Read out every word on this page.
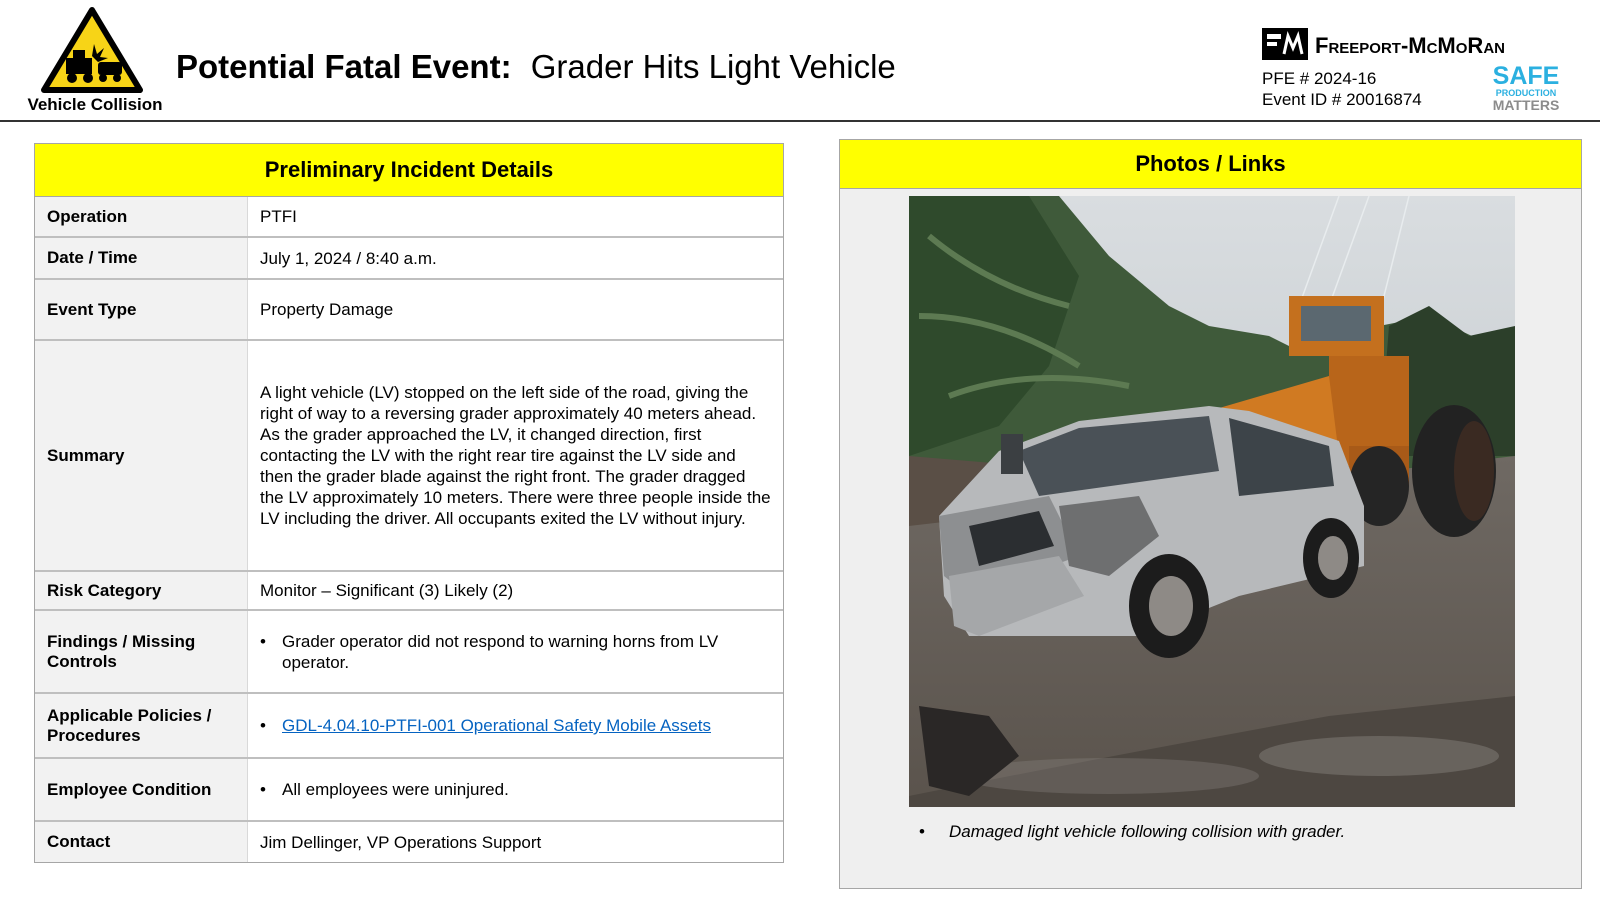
Vehicle Collision
Potential Fatal Event: Grader Hits Light Vehicle
Freeport-McMoRan
PFE # 2024-16
Event ID # 20016874
SAFE
PRODUCTION
MATTERS
Preliminary Incident Details
Operation	PTFI
Date / Time	July 1, 2024 / 8:40 a.m.
Event Type	Property Damage
Summary	A light vehicle (LV) stopped on the left side of the road, giving the right of way to a reversing grader approximately 40 meters ahead. As the grader approached the LV, it changed direction, first contacting the LV with the right rear tire against the LV side and then the grader blade against the right front. The grader dragged the LV approximately 10 meters. There were three people inside the LV including the driver. All occupants exited the LV without injury.
Risk Category	Monitor – Significant (3) Likely (2)
Findings / Missing Controls	• Grader operator did not respond to warning horns from LV operator.

Applicable Policies / Procedures	• GDL-4.04.10-PTFI-001 Operational Safety Mobile Assets

Employee Condition	• All employees were uninjured.

Contact	Jim Dellinger, VP Operations Support
Photos / Links
•	Damaged light vehicle following collision with grader.
